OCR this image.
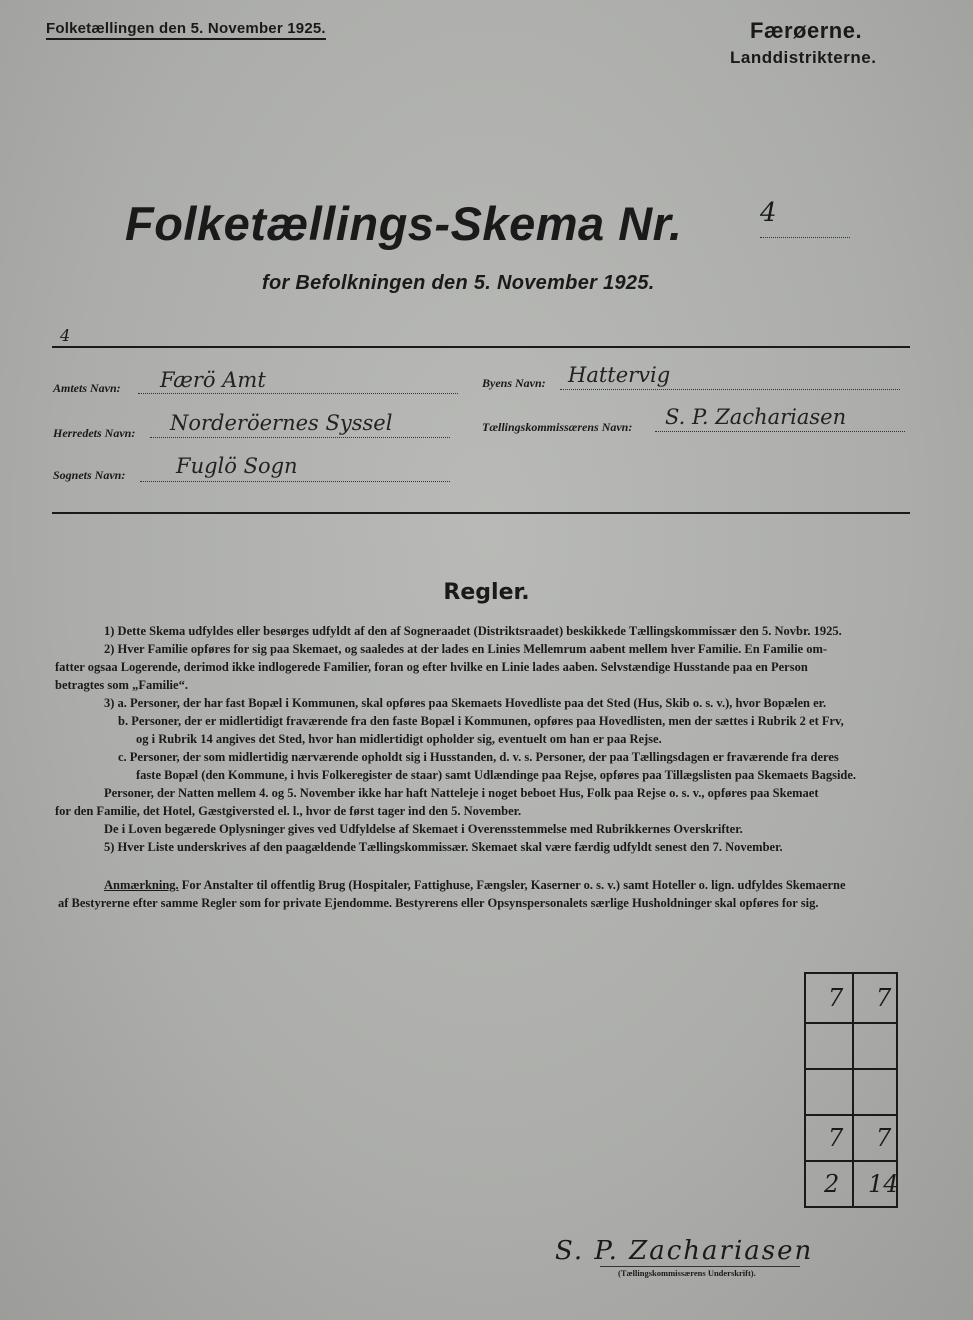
Folketællingen den 5. November 1925.	Færøerne.
Landdistrikterne.
Folketællings-Skema Nr.	4
for Befolkningen den 5. November 1925.
4
Amtets Navn: Færö Amt	Byens Navn: Hattervig
Herredets Navn: Norderöernes Syssel	Tællingskommissærens Navn: S. P. Zachariasen
Sognets Navn: Fuglö Sogn
Regler.
1) Dette Skema udfyldes eller besørges udfyldt af den af Sogneraadet (Distriktsraadet) beskikkede Tællingskommissær den 5. Novbr. 1925.
2) Hver Familie opføres for sig paa Skemaet, og saaledes at der lades en Linies Mellemrum aabent mellem hver Familie. En Familie om-
fatter ogsaa Logerende, derimod ikke indlogerede Familier, foran og efter hvilke en Linie lades aaben. Selvstændige Husstande paa en Person
betragtes som „Familie“.
3) a. Personer, der har fast Bopæl i Kommunen, skal opføres paa Skemaets Hovedliste paa det Sted (Hus, Skib o. s. v.), hvor Bopælen er.
b. Personer, der er midlertidigt fraværende fra den faste Bopæl i Kommunen, opføres paa Hovedlisten, men der sættes i Rubrik 2 et Frv,
og i Rubrik 14 angives det Sted, hvor han midlertidigt opholder sig, eventuelt om han er paa Rejse.
c. Personer, der som midlertidig nærværende opholdt sig i Husstanden, d. v. s. Personer, der paa Tællingsdagen er fraværende fra deres
faste Bopæl (den Kommune, i hvis Folkeregister de staar) samt Udlændinge paa Rejse, opføres paa Tillægslisten paa Skemaets Bagside.
Personer, der Natten mellem 4. og 5. November ikke har haft Natteleje i noget beboet Hus, Folk paa Rejse o. s. v., opføres paa Skemaet
for den Familie, det Hotel, Gæstgiversted el. l., hvor de først tager ind den 5. November.
De i Loven begærede Oplysninger gives ved Udfyldelse af Skemaet i Overensstemmelse med Rubrikkernes Overskrifter.
5) Hver Liste underskrives af den paagældende Tællingskommissær. Skemaet skal være færdig udfyldt senest den 7. November.
Anmærkning. For Anstalter til offentlig Brug (Hospitaler, Fattighuse, Fængsler, Kaserner o. s. v.) samt Hoteller o. lign. udfyldes Skemaerne
af Bestyrerne efter samme Regler som for private Ejendomme. Bestyrerens eller Opsynspersonalets særlige Husholdninger skal opføres for sig.
7 7
7 7
2 14
S. P. Zachariasen
(Tællingskommissærens Underskrift).
